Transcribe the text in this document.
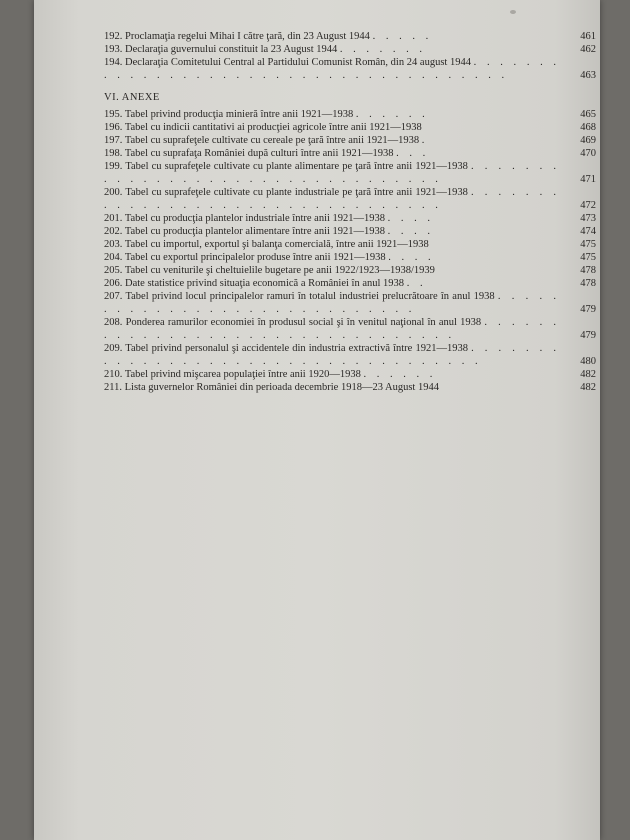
192. Proclamaţia regelui Mihai I către ţară, din 23 August 1944 . . . . .	461
193. Declaraţia guvernului constituit la 23 August 1944 . . . . . . .	462
194. Declaraţia Comitetului Central al Partidului Comunist Român, din 24 august 1944 . . . . . . . . . . . . . . . . . . . . . . . . . . . . . . . . . . . . . .	463
VI. ANEXE
195. Tabel privind producţia minieră între anii 1921—1938 . . . . . .	465
196. Tabel cu indicii cantitativi ai producţiei agricole între anii 1921—1938	468
197. Tabel cu suprafeţele cultivate cu cereale pe ţară între anii 1921—1938 .	469
198. Tabel cu suprafaţa României după culturi între anii 1921—1938 . . .	470
199. Tabel cu suprafeţele cultivate cu plante alimentare pe ţară între anii 1921—1938 . . . . . . . . . . . . . . . . . . . . . . . . . . . . . . . . .	471
200. Tabel cu suprafeţele cultivate cu plante industriale pe ţară între anii 1921—1938 . . . . . . . . . . . . . . . . . . . . . . . . . . . . . . . . .	472
201. Tabel cu producţia plantelor industriale între anii 1921—1938 . . . .	473
202. Tabel cu producţia plantelor alimentare între anii 1921—1938 . . . .	474
203. Tabel cu importul, exportul şi balanţa comercială, între anii 1921—1938	475
204. Tabel cu exportul principalelor produse între anii 1921—1938 . . . .	475
205. Tabel cu veniturile şi cheltuielile bugetare pe anii 1922/1923—1938/1939	478
206. Date statistice privind situaţia economică a României în anul 1938 . .	478
207. Tabel privind locul principalelor ramuri în totalul industriei prelucrătoare în anul 1938 . . . . . . . . . . . . . . . . . . . . . . . . . . . . .	479
208. Ponderea ramurilor economiei în produsul social şi în venitul naţional în anul 1938 . . . . . . . . . . . . . . . . . . . . . . . . . . . . . . . . .	479
209. Tabel privind personalul şi accidentele din industria extractivă între 1921—1938 . . . . . . . . . . . . . . . . . . . . . . . . . . . . . . . . . . . .	480
210. Tabel privind mişcarea populaţiei între anii 1920—1938 . . . . . .	482
211. Lista guvernelor României din perioada decembrie 1918—23 August 1944	482
